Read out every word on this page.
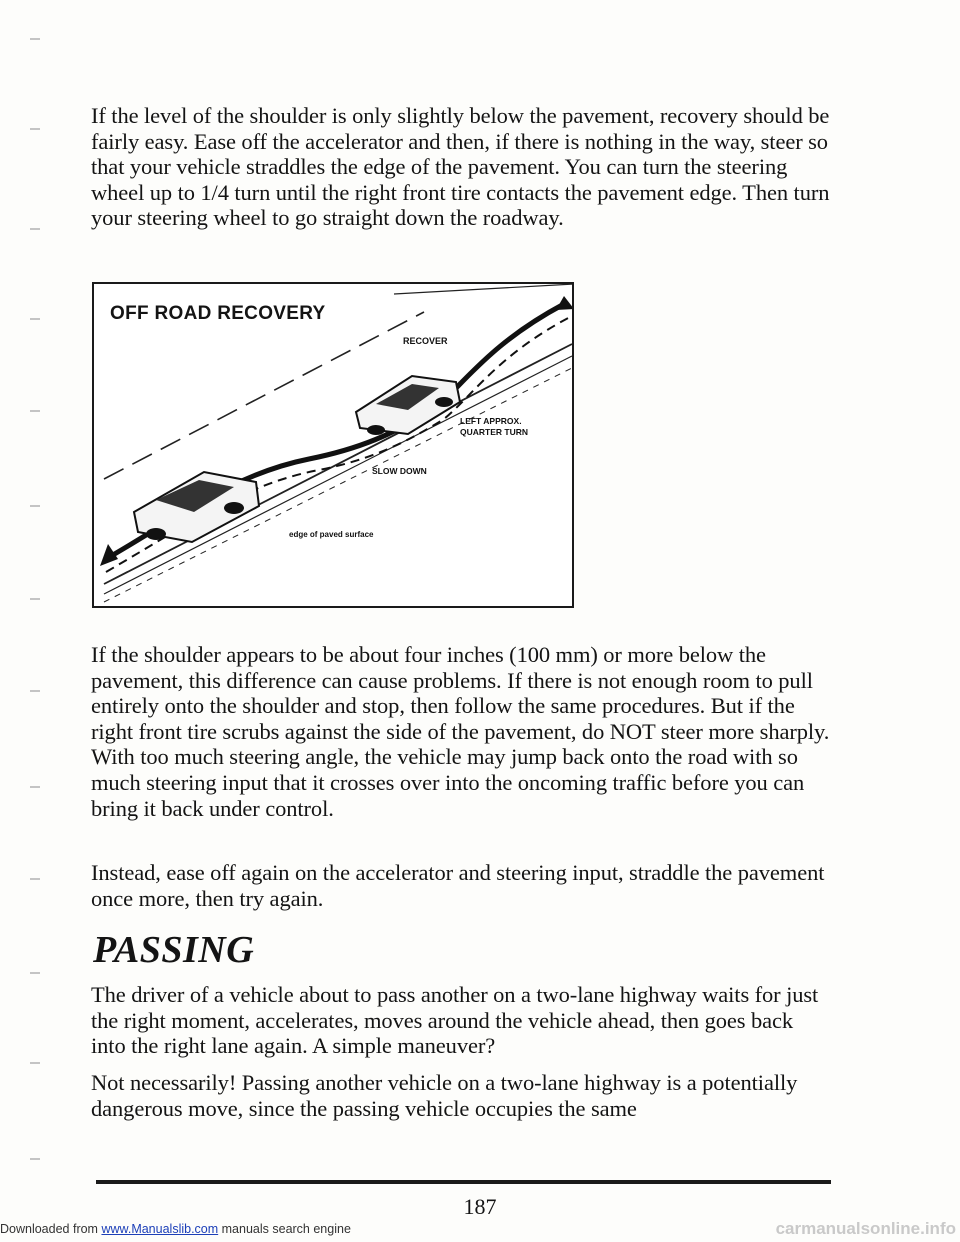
If the level of the shoulder is only slightly below the pavement, recovery should be fairly easy. Ease off the accelerator and then, if there is nothing in the way, steer so that your vehicle straddles the edge of the pavement. You can turn the steering wheel up to 1/4 turn until the right front tire contacts the pavement edge. Then turn your steering wheel to go straight down the roadway.

RECOVER
LEFT APPROX.
QUARTER TURN
SLOW DOWN
edge of paved surface
OFF ROAD RECOVERY

If the shoulder appears to be about four inches (100 mm) or more below the pavement, this difference can cause problems. If there is not enough room to pull entirely onto the shoulder and stop, then follow the same procedures. But if the right front tire scrubs against the side of the pavement, do NOT steer more sharply. With too much steering angle, the vehicle may jump back onto the road with so much steering input that it crosses over into the oncoming traffic before you can bring it back under control.

Instead, ease off again on the accelerator and steering input, straddle the pavement once more, then try again.

PASSING

The driver of a vehicle about to pass another on a two-lane highway waits for just the right moment, accelerates, moves around the vehicle ahead, then goes back into the right lane again. A simple maneuver?

Not necessarily! Passing another vehicle on a two-lane highway is a potentially dangerous move, since the passing vehicle occupies the same

187
Downloaded from www.Manualslib.com manuals search engine	carmanualsonline.info
